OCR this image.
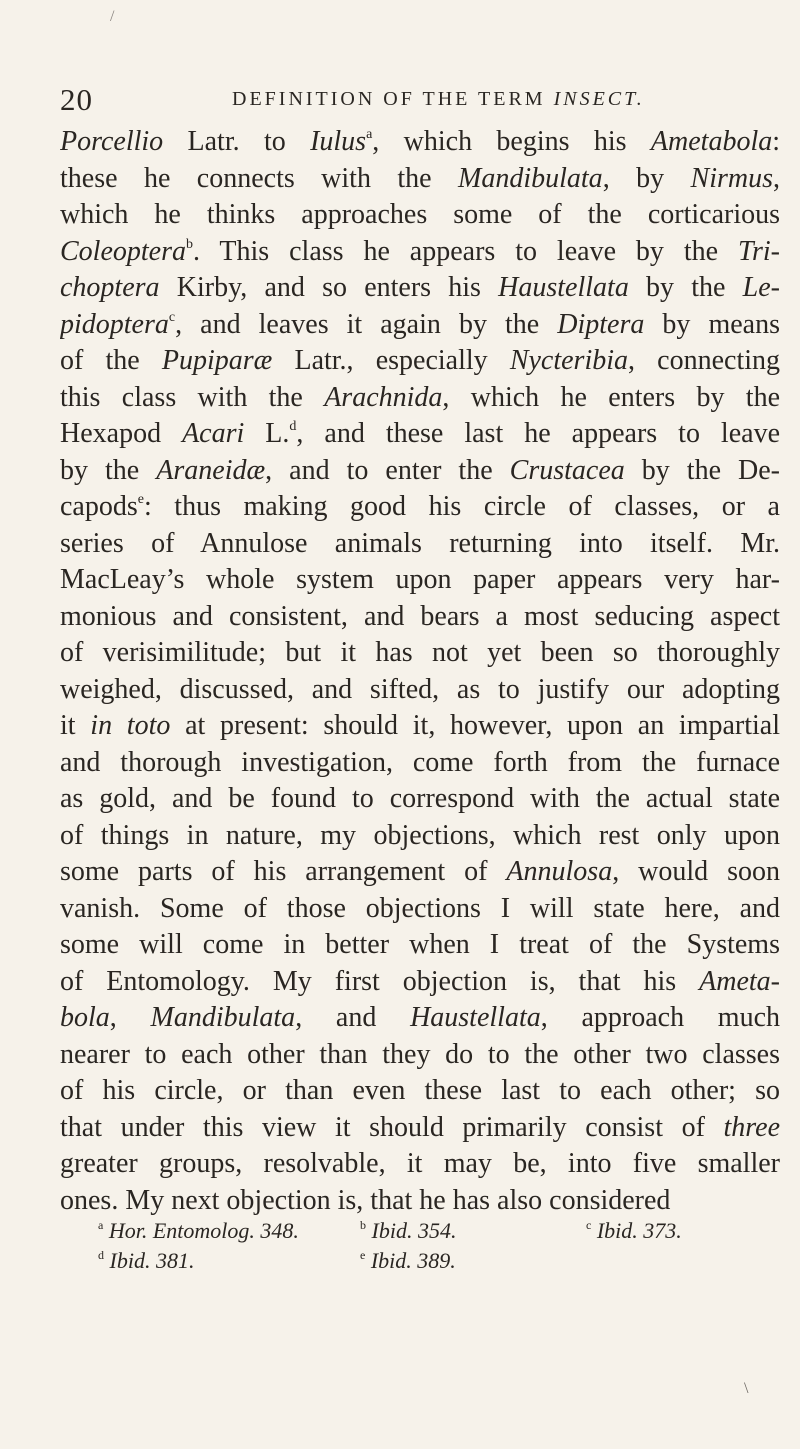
/
20	DEFINITION OF THE TERM INSECT.
Porcellio Latr. to Iulus$^a$, which begins his Ametabola:
these he connects with the Mandibulata, by Nirmus,
which he thinks approaches some of the corticarious
Coleoptera$^b$. This class he appears to leave by the Tri-
choptera Kirby, and so enters his Haustellata by the Le-
pidoptera$^c$, and leaves it again by the Diptera by means
of the Pupiparæ Latr., especially Nycteribia, connecting
this class with the Arachnida, which he enters by the
Hexapod Acari L.$^d$, and these last he appears to leave
by the Araneidæ, and to enter the Crustacea by the De-
capods$^e$: thus making good his circle of classes, or a
series of Annulose animals returning into itself. Mr.
MacLeay’s whole system upon paper appears very har-
monious and consistent, and bears a most seducing aspect
of verisimilitude; but it has not yet been so thoroughly
weighed, discussed, and sifted, as to justify our adopting
it in toto at present: should it, however, upon an impartial
and thorough investigation, come forth from the furnace
as gold, and be found to correspond with the actual state
of things in nature, my objections, which rest only upon
some parts of his arrangement of Annulosa, would soon
vanish. Some of those objections I will state here, and
some will come in better when I treat of the Systems
of Entomology. My first objection is, that his Ameta-
bola, Mandibulata, and Haustellata, approach much
nearer to each other than they do to the other two classes
of his circle, or than even these last to each other; so
that under this view it should primarily consist of three
greater groups, resolvable, it may be, into five smaller
ones. My next objection is, that he has also considered
$^a$ Hor. Entomolog. 348.	$^b$ Ibid. 354.	$^c$ Ibid. 373.
$^d$ Ibid. 381.	$^e$ Ibid. 389.
\
